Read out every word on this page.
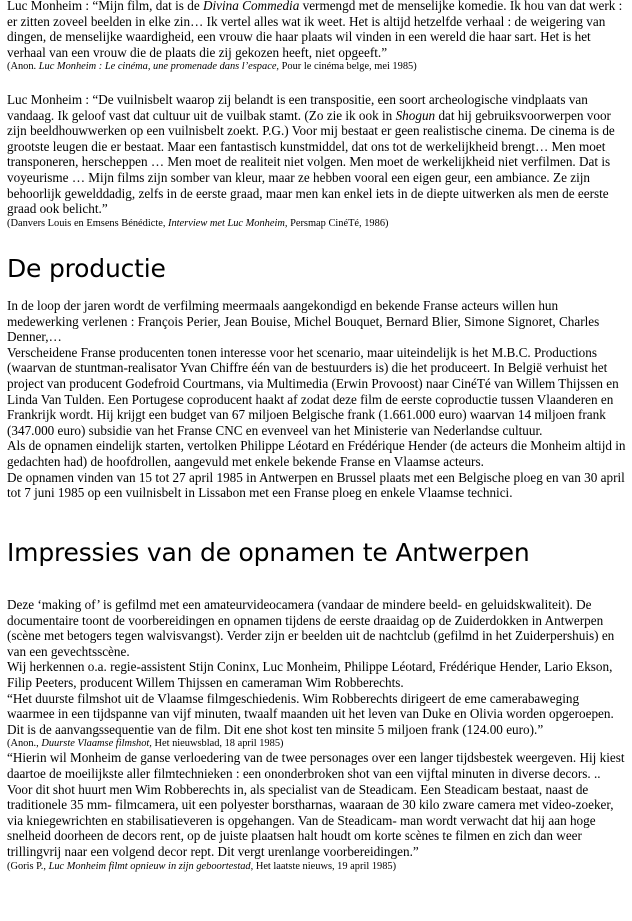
Luc Monheim : “Mijn film, dat is de Divina Commedia vermengd met de menselijke komedie. Ik hou van dat werk : er zitten zoveel beelden in elke zin… Ik vertel alles wat ik weet. Het is altijd hetzelfde verhaal : de weigering van dingen, de menselijke waardigheid, een vrouw die haar plaats wil vinden in een wereld die haar sart. Het is het verhaal van een vrouw die de plaats die zij gekozen heeft, niet opgeeft.”

(Anon. Luc Monheim : Le cinéma, une promenade dans l’espace, Pour le cinéma belge, mei 1985)

Luc Monheim : “De vuilnisbelt waarop zij belandt is een transpositie, een soort archeologische vindplaats van vandaag. Ik geloof vast dat cultuur uit de vuilbak stamt. (Zo zie ik ook in Shogun dat hij gebruiksvoorwerpen voor zijn beeldhouwwerken op een vuilnisbelt zoekt. P.G.) Voor mij bestaat er geen realistische cinema. De cinema is de grootste leugen die er bestaat. Maar een fantastisch kunstmiddel, dat ons tot de werkelijkheid brengt… Men moet transponeren, herscheppen … Men moet de realiteit niet volgen. Men moet de werkelijkheid niet verfilmen. Dat is voyeurisme … Mijn films zijn somber van kleur, maar ze hebben vooral een eigen geur, een ambiance. Ze zijn behoorlijk gewelddadig, zelfs in de eerste graad, maar men kan enkel iets in de diepte uitwerken als men de eerste graad ook belicht.”

(Danvers Louis en Emsens Bénédicte, Interview met Luc Monheim, Persmap CinéTé, 1986)

De productie

In de loop der jaren wordt de verfilming meermaals aangekondigd en bekende Franse acteurs willen hun medewerking verlenen : François Perier, Jean Bouise, Michel Bouquet, Bernard Blier, Simone Signoret, Charles Denner,…

Verscheidene Franse producenten tonen interesse voor het scenario, maar uiteindelijk is het M.B.C. Productions (waarvan de stuntman-realisator Yvan Chiffre één van de bestuurders is) die het produceert. In België verhuist het project van producent Godefroid Courtmans, via Multimedia (Erwin Provoost) naar CinéTé van Willem Thijssen en Linda Van Tulden. Een Portugese coproducent haakt af zodat deze film de eerste coproductie tussen Vlaanderen en Frankrijk wordt. Hij krijgt een budget van 67 miljoen Belgische frank (1.661.000 euro) waarvan 14 miljoen frank (347.000 euro) subsidie van het Franse CNC en evenveel van het Ministerie van Nederlandse cultuur.

Als de opnamen eindelijk starten, vertolken Philippe Léotard en Frédérique Hender (de acteurs die Monheim altijd in gedachten had) de hoofdrollen, aangevuld met enkele bekende Franse en Vlaamse acteurs.

De opnamen vinden van 15 tot 27 april 1985 in Antwerpen en Brussel plaats met een Belgische ploeg en van 30 april tot 7 juni 1985 op een vuilnisbelt in Lissabon met een Franse ploeg en enkele Vlaamse technici.

Impressies van de opnamen te Antwerpen

Deze ‘making of’ is gefilmd met een amateurvideocamera (vandaar de mindere beeld- en geluidskwaliteit). De documentaire toont de voorbereidingen en opnamen tijdens de eerste draaidag op de Zuiderdokken in Antwerpen (scène met betogers tegen walvisvangst). Verder zijn er beelden uit de nachtclub (gefilmd in het Zuiderpershuis) en van een gevechtsscène.

Wij herkennen o.a. regie-assistent Stijn Coninx, Luc Monheim, Philippe Léotard, Frédérique Hender, Lario Ekson, Filip Peeters, producent Willem Thijssen en cameraman Wim Robberechts.

“Het duurste filmshot uit de Vlaamse filmgeschiedenis. Wim Robberechts dirigeert de eme camerabaweging waarmee in een tijdspanne van vijf minuten, twaalf maanden uit het leven van Duke en Olivia worden opgeroepen. Dit is de aanvangssequentie van de film. Dit ene shot kost ten minsite 5 miljoen frank (124.00 euro).”

(Anon., Duurste Vlaamse filmshot, Het nieuwsblad, 18 april 1985)

“Hierin wil Monheim de ganse verloedering van de twee personages over een langer tijdsbestek weergeven. Hij kiest daartoe de moeilijkste aller filmtechnieken : een ononderbroken shot van een vijftal minuten in diverse decors. .. Voor dit shot huurt men Wim Robberechts in, als specialist van de Steadicam. Een Steadicam bestaat, naast de traditionele 35 mm- filmcamera, uit een polyester borstharnas, waaraan de 30 kilo zware camera met video-zoeker, via kniegewrichten en stabilisatieveren is opgehangen. Van de Steadicam- man wordt verwacht dat hij aan hoge snelheid doorheen de decors rent, op de juiste plaatsen halt houdt om korte scènes te filmen en zich dan weer trillingvrij naar een volgend decor rept. Dit vergt urenlange voorbereidingen.”

(Goris P., Luc Monheim filmt opnieuw in zijn geboortestad, Het laatste nieuws, 19 april 1985)
